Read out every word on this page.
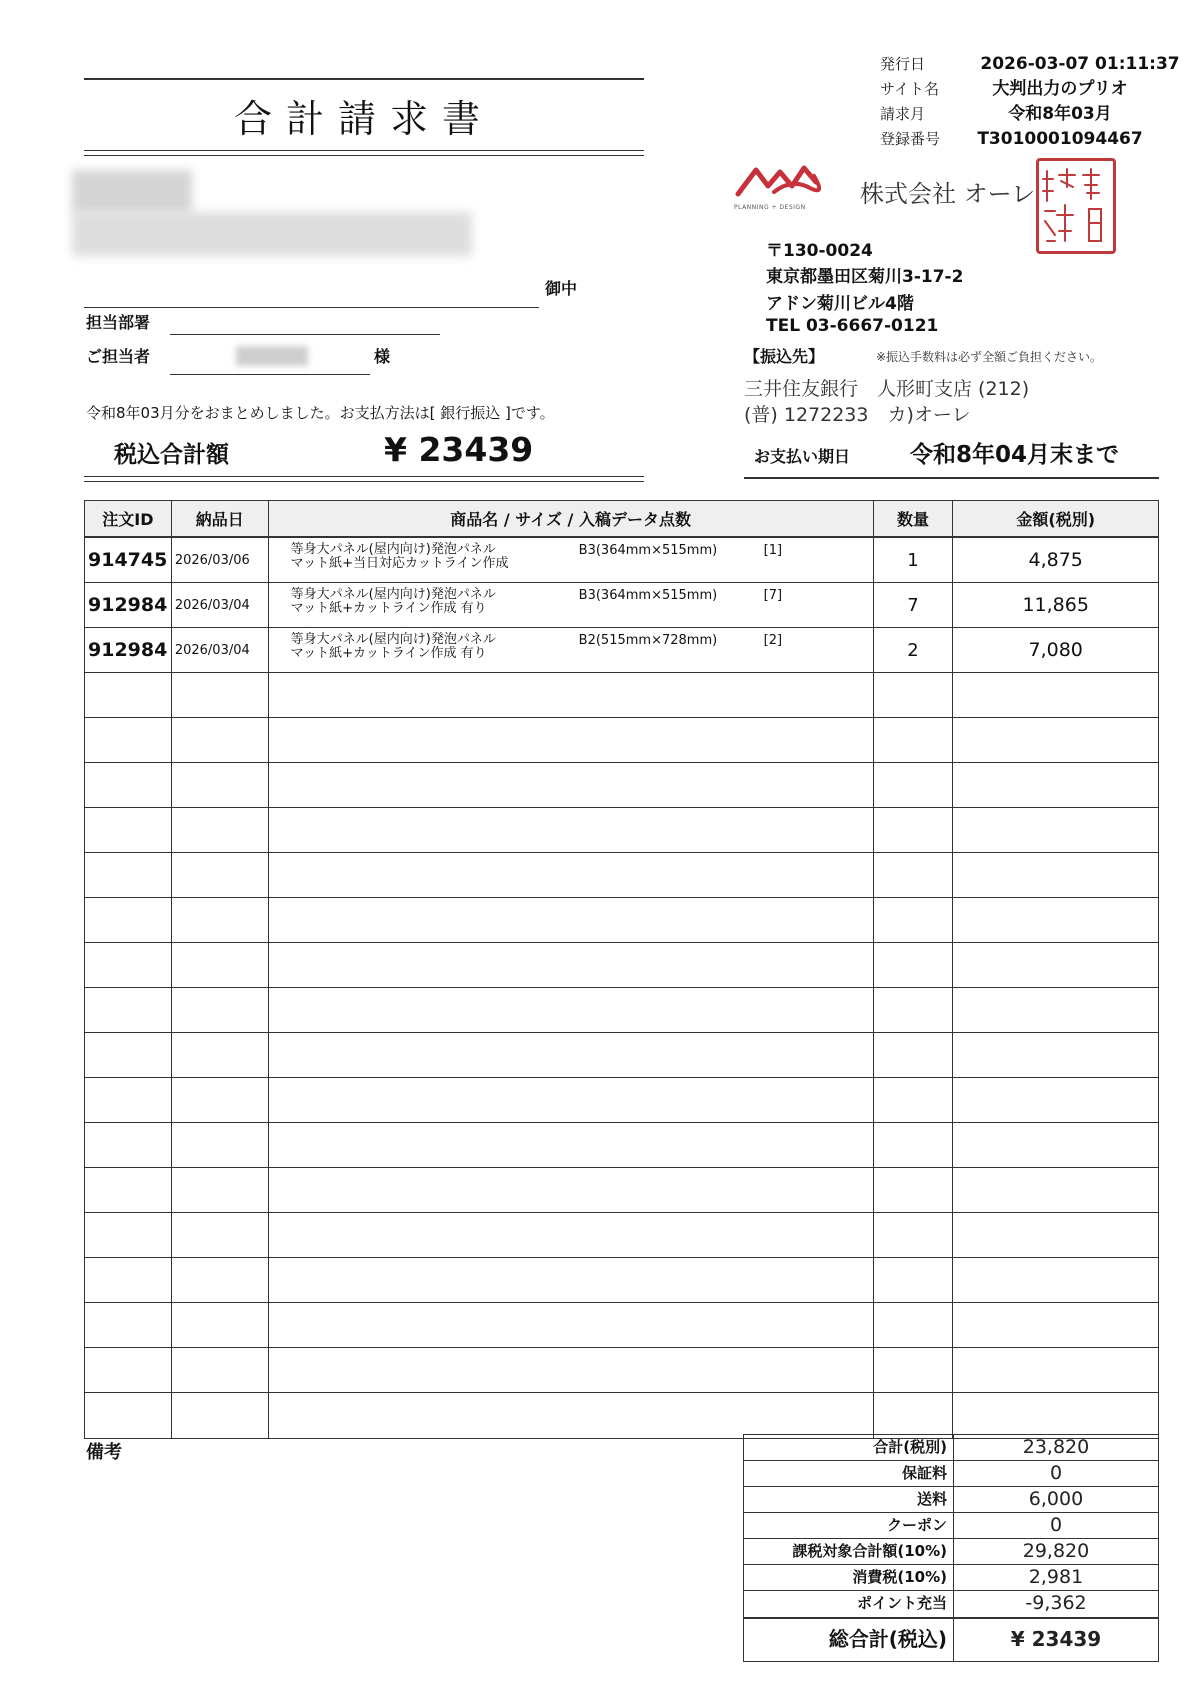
合計請求書
発行日	2026-03-07 01:11:37
サイト名	大判出力のプリオ
請求月	令和8年03月
登録番号	T3010001094467
御中
担当部署
ご担当者	様
令和8年03月分をおまとめしました。お支払方法は[ 銀行振込 ]です。
税込合計額	¥ 23439
PLANNING + DESIGN 株式会社 オーレ
〒130-0024
東京都墨田区菊川3-17-2
アドン菊川ビル4階
TEL 03-6667-0121
【振込先】	※振込手数料は必ず全額ご負担ください。
三井住友銀行　人形町支店 (212)
(普) 1272233　カ)オーレ
お支払い期日	令和8年04月末まで
注文ID	納品日	商品名 / サイズ / 入稿データ点数	数量	金額(税別)
914745 2026/03/06
等身大パネル(屋内向け)発泡パネル
マット紙+当日対応カットライン作成
B3(364mm×515mm)	[1]	1	4,875
912984 2026/03/04
等身大パネル(屋内向け)発泡パネル
マット紙+カットライン作成 有り
B3(364mm×515mm)	[7]	7	11,865
912984 2026/03/04
等身大パネル(屋内向け)発泡パネル
マット紙+カットライン作成 有り
B2(515mm×728mm)	[2]	2	7,080
備考	合計(税別)	23,820
保証料	0
送料	6,000
クーポン	0
課税対象合計額(10%)	29,820
消費税(10%)	2,981
ポイント充当	-9,362
総合計(税込)	¥ 23439
